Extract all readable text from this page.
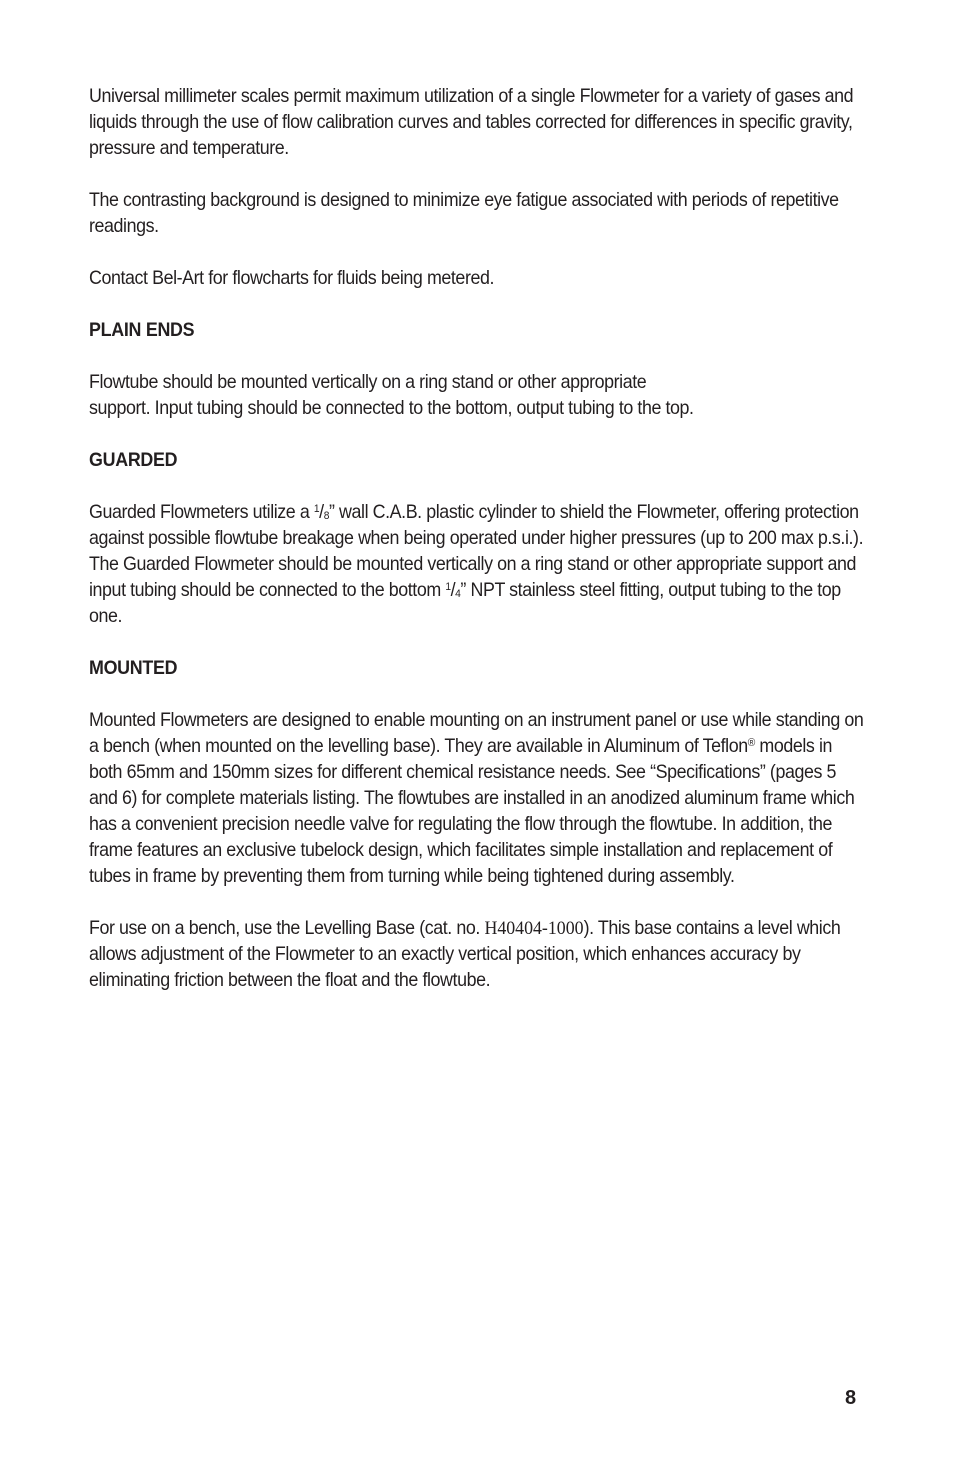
Universal millimeter scales permit maximum utilization of a single Flowmeter for a variety of gases and liquids through the use of flow calibration curves and tables corrected for differences in specific gravity, pressure and temperature.

The contrasting background is designed to minimize eye fatigue associated with periods of repetitive readings.

Contact Bel-Art for flowcharts for fluids being metered.

PLAIN ENDS

Flowtube should be mounted vertically on a ring stand or other appropriate
support. Input tubing should be connected to the bottom, output tubing to the top.

GUARDED

Guarded Flowmeters utilize a $^1/_8$” wall C.A.B. plastic cylinder to shield the Flowmeter, offering protection against possible flowtube breakage when being operated under higher pressures (up to 200 max p.s.i.). The Guarded Flowmeter should be mounted vertically on a ring stand or other appropriate support and input tubing should be connected to the bottom $^1/_4$” NPT stainless steel fitting, output tubing to the top one.

MOUNTED

Mounted Flowmeters are designed to enable mounting on an instrument panel or use while standing on a bench (when mounted on the levelling base). They are available in Aluminum of Teflon® models in both 65mm and 150mm sizes for different chemical resistance needs. See “Specifications” (pages 5 and 6) for complete materials listing. The flowtubes are installed in an anodized aluminum frame which has a convenient precision needle valve for regulating the flow through the flowtube. In addition, the frame features an exclusive tubelock design, which facilitates simple installation and replacement of tubes in frame by preventing them from turning while being tightened during assembly.

For use on a bench, use the Levelling Base (cat. no. H40404-1000). This base contains a level which allows adjustment of the Flowmeter to an exactly vertical position, which enhances accuracy by eliminating friction between the float and the flowtube.

8
